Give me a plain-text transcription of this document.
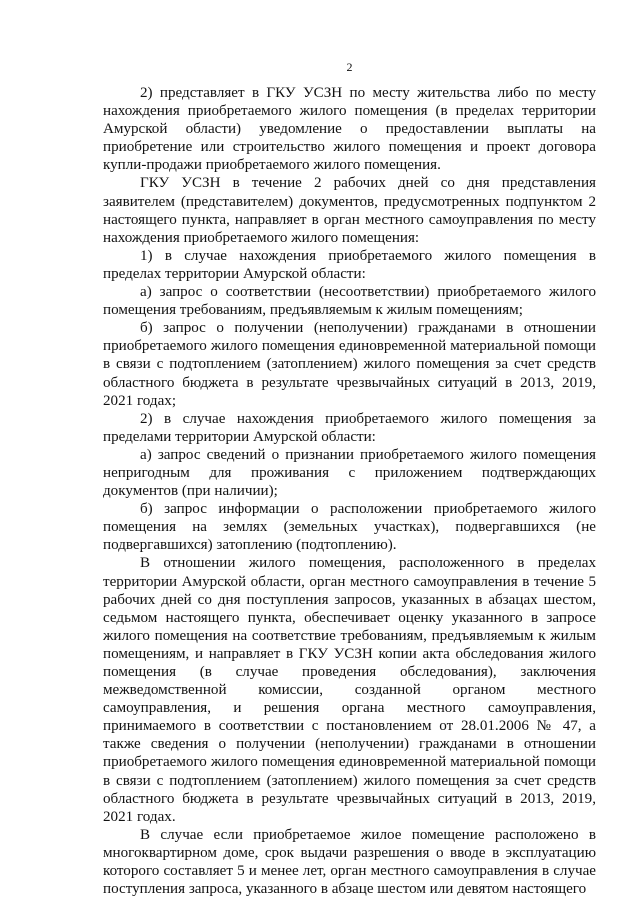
2

2) представляет в ГКУ УСЗН по месту жительства либо по месту нахождения приобретаемого жилого помещения (в пределах территории Амурской области) уведомление о предоставлении выплаты на приобретение или строительство жилого помещения и проект договора купли-продажи приобретаемого жилого помещения.

ГКУ УСЗН в течение 2 рабочих дней со дня представления заявителем (представителем) документов, предусмотренных подпунктом 2 настоящего пункта, направляет в орган местного самоуправления по месту нахождения приобретаемого жилого помещения:

1) в случае нахождения приобретаемого жилого помещения в пределах территории Амурской области:

а) запрос о соответствии (несоответствии) приобретаемого жилого помещения требованиям, предъявляемым к жилым помещениям;

б) запрос о получении (неполучении) гражданами в отношении приобретаемого жилого помещения единовременной материальной помощи в связи с подтоплением (затоплением) жилого помещения за счет средств областного бюджета в результате чрезвычайных ситуаций в 2013, 2019, 2021 годах;

2) в случае нахождения приобретаемого жилого помещения за пределами территории Амурской области:

а) запрос сведений о признании приобретаемого жилого помещения непригодным для проживания с приложением подтверждающих документов (при наличии);

б) запрос информации о расположении приобретаемого жилого помещения на землях (земельных участках), подвергавшихся (не подвергавшихся) затоплению (подтоплению).

В отношении жилого помещения, расположенного в пределах территории Амурской области, орган местного самоуправления в течение 5 рабочих дней со дня поступления запросов, указанных в абзацах шестом, седьмом настоящего пункта, обеспечивает оценку указанного в запросе жилого помещения на соответствие требованиям, предъявляемым к жилым помещениям, и направляет в ГКУ УСЗН копии акта обследования жилого помещения (в случае проведения обследования), заключения межведомственной комиссии, созданной органом местного самоуправления, и решения органа местного самоуправления, принимаемого в соответствии с постановлением от 28.01.2006 № 47, а также сведения о получении (неполучении) гражданами в отношении приобретаемого жилого помещения единовременной материальной помощи в связи с подтоплением (затоплением) жилого помещения за счет средств областного бюджета в результате чрезвычайных ситуаций в 2013, 2019, 2021 годах.

В случае если приобретаемое жилое помещение расположено в многоквартирном доме, срок выдачи разрешения о вводе в эксплуатацию которого составляет 5 и менее лет, орган местного самоуправления в случае поступления запроса, указанного в абзаце шестом или девятом настоящего
